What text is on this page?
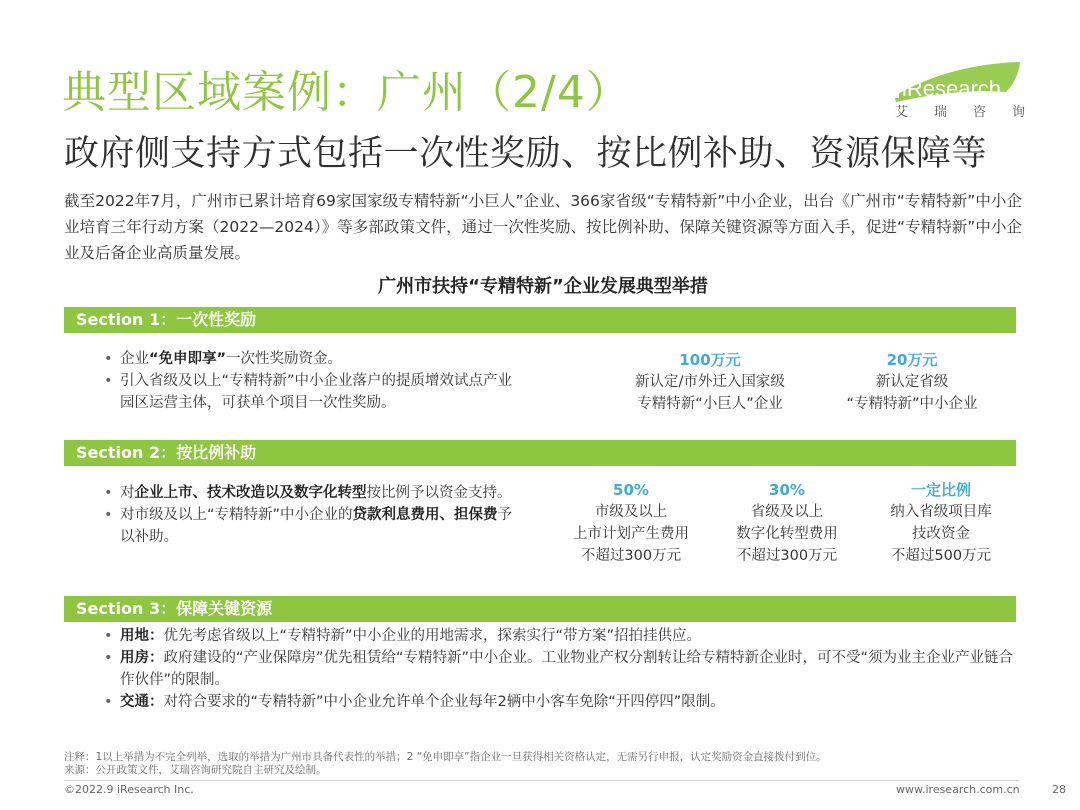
典型区域案例：广州（2/4）
政府侧支持方式包括一次性奖励、按比例补助、资源保障等
iResearch
艾 瑞 咨 询
截至2022年7月，广州市已累计培育69家国家级专精特新“小巨人”企业、366家省级“专精特新”中小企业，出台《广州市“专精特新”中小企业培育三年行动方案（2022—2024）》等多部政策文件，通过一次性奖励、按比例补助、保障关键资源等方面入手，促进“专精特新”中小企业及后备企业高质量发展。
广州市扶持“专精特新”企业发展典型举措
Section 1：一次性奖励
• 企业“免申即享”一次性奖励资金。
• 引入省级及以上“专精特新”中小企业落户的提质增效试点产业园区运营主体，可获单个项目一次性奖励。
100万元
新认定/市外迁入国家级
专精特新“小巨人”企业
20万元
新认定省级
“专精特新”中小企业
Section 2：按比例补助
• 对企业上市、技术改造以及数字化转型按比例予以资金支持。
• 对市级及以上“专精特新”中小企业的贷款利息费用、担保费予以补助。
50%
市级及以上
上市计划产生费用
不超过300万元
30%
省级及以上
数字化转型费用
不超过300万元
一定比例
纳入省级项目库
技改资金
不超过500万元
Section 3：保障关键资源
• 用地：优先考虑省级以上“专精特新”中小企业的用地需求，探索实行“带方案”招拍挂供应。
• 用房：政府建设的“产业保障房”优先租赁给“专精特新”中小企业。工业物业产权分割转让给专精特新企业时，可不受“须为业主企业产业链合作伙伴”的限制。
• 交通：对符合要求的“专精特新”中小企业允许单个企业每年2辆中小客车免除“开四停四”限制。
注释：1以上举措为不完全列举，选取的举措为广州市具备代表性的举措；2 “免申即享”指企业一旦获得相关资格认定，无需另行申报，认定奖励资金直接拨付到位。
来源：公开政策文件，艾瑞咨询研究院自主研究及绘制。
©2022.9 iResearch Inc.	www.iresearch.com.cn	28
